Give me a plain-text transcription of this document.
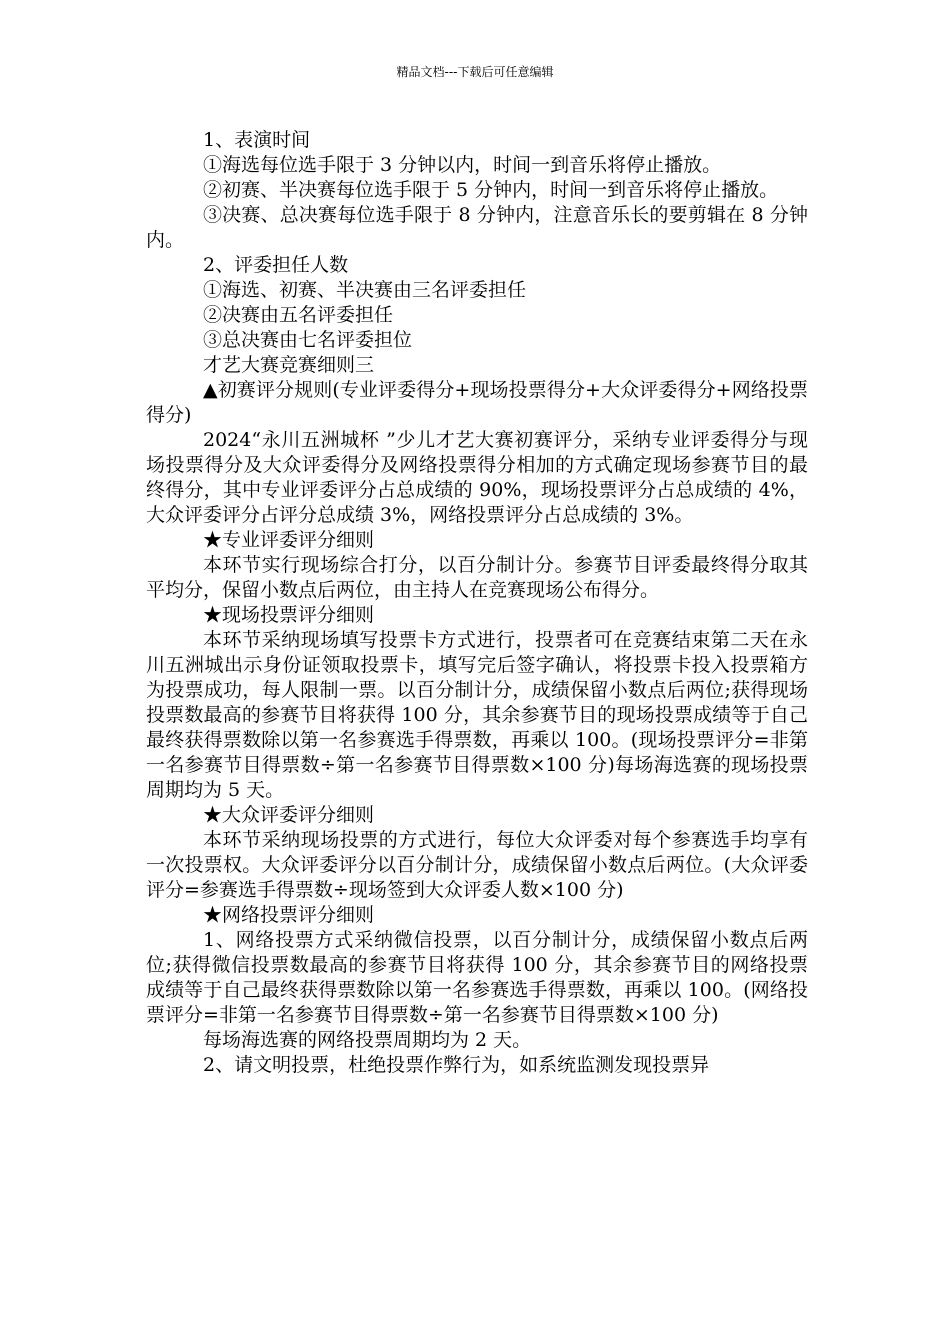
精品文档---下载后可任意编辑

1、表演时间

①海选每位选手限于 3 分钟以内，时间一到音乐将停止播放。

②初赛、半决赛每位选手限于 5 分钟内，时间一到音乐将停止播放。

③决赛、总决赛每位选手限于 8 分钟内，注意音乐长的要剪辑在 8 分钟内。

2、评委担任人数

①海选、初赛、半决赛由三名评委担任

②决赛由五名评委担任

③总决赛由七名评委担位

才艺大赛竞赛细则三

▲初赛评分规则(专业评委得分+现场投票得分+大众评委得分+网络投票得分)

2024“永川五洲城杯 ”少儿才艺大赛初赛评分，采纳专业评委得分与现场投票得分及大众评委得分及网络投票得分相加的方式确定现场参赛节目的最终得分，其中专业评委评分占总成绩的 90%，现场投票评分占总成绩的 4%，大众评委评分占评分总成绩 3%，网络投票评分占总成绩的 3%。

★专业评委评分细则

本环节实行现场综合打分，以百分制计分。参赛节目评委最终得分取其平均分，保留小数点后两位，由主持人在竞赛现场公布得分。

★现场投票评分细则

本环节采纳现场填写投票卡方式进行，投票者可在竞赛结束第二天在永川五洲城出示身份证领取投票卡，填写完后签字确认，将投票卡投入投票箱方为投票成功，每人限制一票。以百分制计分，成绩保留小数点后两位;获得现场投票数最高的参赛节目将获得 100 分，其余参赛节目的现场投票成绩等于自己最终获得票数除以第一名参赛选手得票数，再乘以 100。(现场投票评分=非第一名参赛节目得票数÷第一名参赛节目得票数×100 分)每场海选赛的现场投票周期均为 5 天。

★大众评委评分细则

本环节采纳现场投票的方式进行，每位大众评委对每个参赛选手均享有一次投票权。大众评委评分以百分制计分，成绩保留小数点后两位。(大众评委评分=参赛选手得票数÷现场签到大众评委人数×100 分)

★网络投票评分细则

1、网络投票方式采纳微信投票，以百分制计分，成绩保留小数点后两位;获得微信投票数最高的参赛节目将获得 100 分，其余参赛节目的网络投票成绩等于自己最终获得票数除以第一名参赛选手得票数，再乘以 100。(网络投票评分=非第一名参赛节目得票数÷第一名参赛节目得票数×100 分)

每场海选赛的网络投票周期均为 2 天。

2、请文明投票，杜绝投票作弊行为，如系统监测发现投票异
